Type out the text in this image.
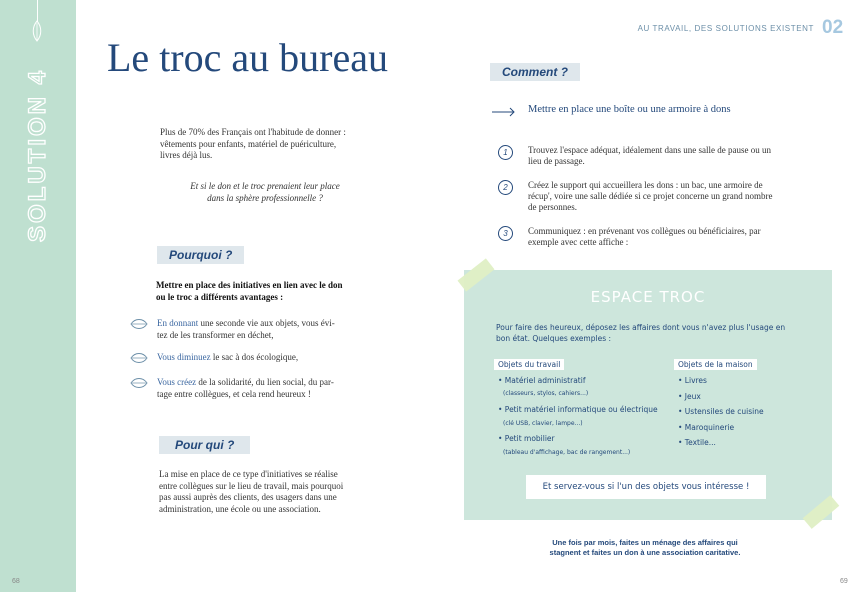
SOLUTION 4
68	69
Le troc au bureau
Plus de 70% des Français ont l'habitude de donner :
vêtements pour enfants, matériel de puériculture,
livres déjà lus.
Et si le don et le troc prenaient leur place
dans la sphère professionnelle ?
Pourquoi ?
Mettre en place des initiatives en lien avec le don
ou le troc a différents avantages :
En donnant une seconde vie aux objets, vous évi-
tez de les transformer en déchet,
Vous diminuez le sac à dos écologique,
Vous créez de la solidarité, du lien social, du par-
tage entre collègues, et cela rend heureux !
Pour qui ?
La mise en place de ce type d'initiatives se réalise
entre collègues sur le lieu de travail, mais pourquoi
pas aussi auprès des clients, des usagers dans une
administration, une école ou une association.
AU TRAVAIL, DES SOLUTIONS EXISTENT 02
Comment ?
Mettre en place une boîte ou une armoire à dons
1	Trouvez l'espace adéquat, idéalement dans une salle de pause ou un
lieu de passage.
2	Créez le support qui accueillera les dons : un bac, une armoire de
récup', voire une salle dédiée si ce projet concerne un grand nombre
de personnes.
3	Communiquez : en prévenant vos collègues ou bénéficiaires, par
exemple avec cette affiche :
ESPACE TROC
Pour faire des heureux, déposez les affaires dont vous n'avez plus l'usage en
bon état. Quelques exemples :
Objets du travail
• Matériel administratif
(classeurs, stylos, cahiers...)
• Petit matériel informatique ou électrique
(clé USB, clavier, lampe...)
• Petit mobilier
(tableau d'affichage, bac de rangement...)
Objets de la maison
• Livres
• Jeux
• Ustensiles de cuisine
• Maroquinerie
• Textile...
Et servez-vous si l'un des objets vous intéresse !
Une fois par mois, faites un ménage des affaires qui
stagnent et faites un don à une association caritative.
